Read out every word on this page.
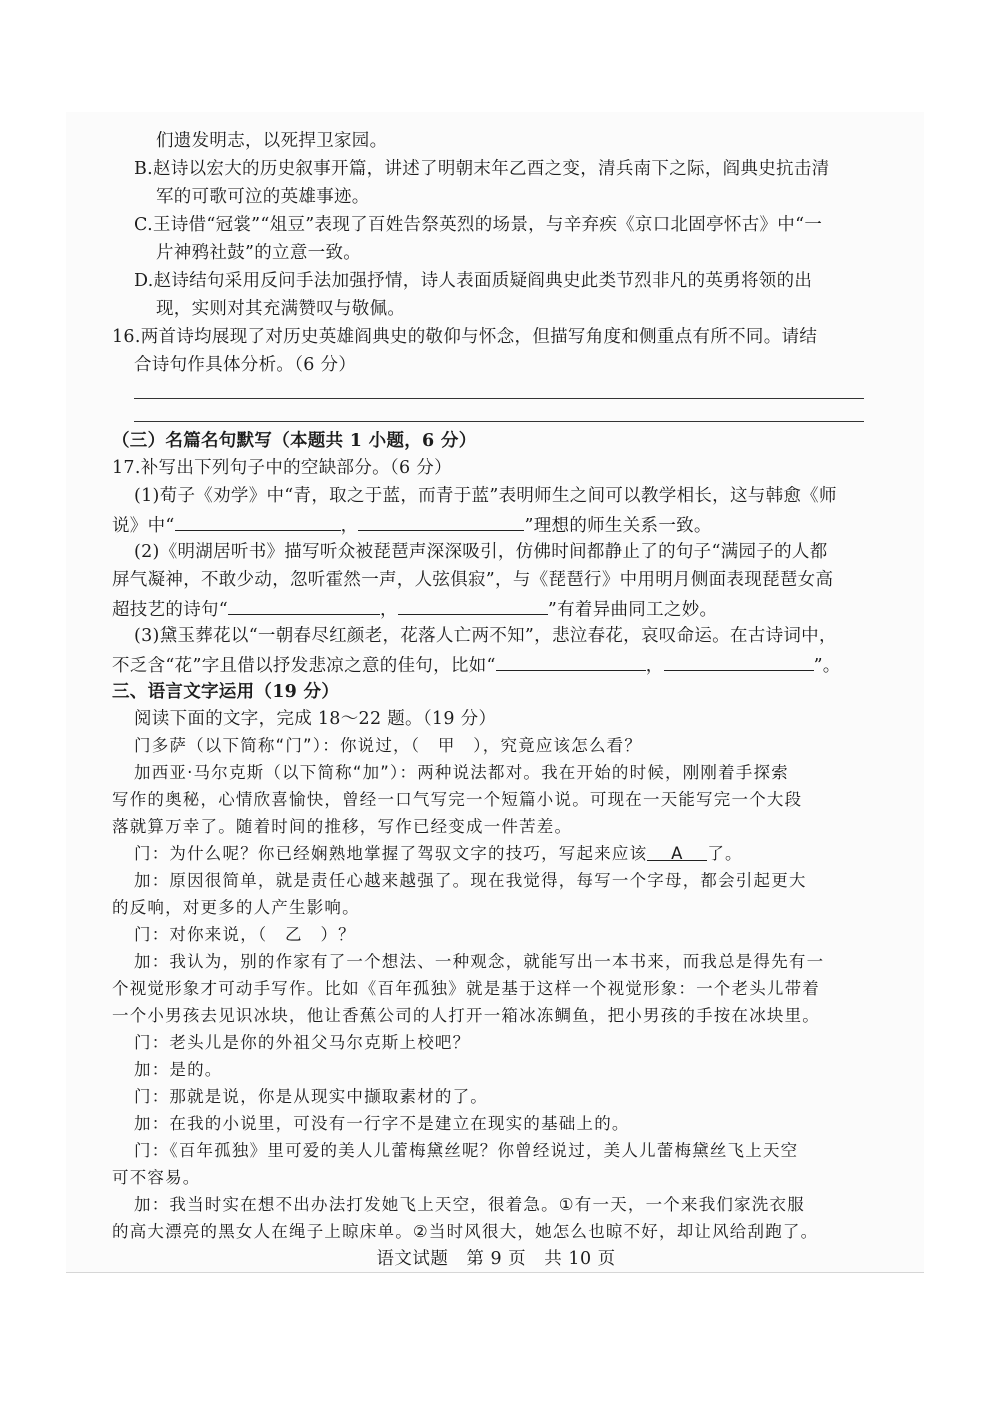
们遗发明志，以死捍卫家园。
B.赵诗以宏大的历史叙事开篇，讲述了明朝末年乙酉之变，清兵南下之际，阎典史抗击清
军的可歌可泣的英雄事迹。
C.王诗借“冠裳”“俎豆”表现了百姓告祭英烈的场景，与辛弃疾《京口北固亭怀古》中“一
片神鸦社鼓”的立意一致。
D.赵诗结句采用反问手法加强抒情，诗人表面质疑阎典史此类节烈非凡的英勇将领的出
现，实则对其充满赞叹与敬佩。
16.两首诗均展现了对历史英雄阎典史的敬仰与怀念，但描写角度和侧重点有所不同。请结
合诗句作具体分析。（6 分）
（三）名篇名句默写（本题共 1 小题，6 分）
17.补写出下列句子中的空缺部分。（6 分）
(1)荀子《劝学》中“青，取之于蓝，而青于蓝”表明师生之间可以教学相长，这与韩愈《师
说》中“	，	”理想的师生关系一致。
(2)《明湖居听书》描写听众被琵琶声深深吸引，仿佛时间都静止了的句子“满园子的人都
屏气凝神，不敢少动，忽听霍然一声，人弦俱寂”，与《琵琶行》中用明月侧面表现琵琶女高
超技艺的诗句“	，	”有着异曲同工之妙。
(3)黛玉葬花以“一朝春尽红颜老，花落人亡两不知”，悲泣春花，哀叹命运。在古诗词中，
不乏含“花”字且借以抒发悲凉之意的佳句，比如“	，	”。
三、语言文字运用（19 分）
阅读下面的文字，完成 18～22 题。（19 分）
门多萨（以下简称“门”）：你说过，（　甲　），究竟应该怎么看？
加西亚·马尔克斯（以下简称“加”）：两种说法都对。我在开始的时候，刚刚着手探索
写作的奥秘，心情欣喜愉快，曾经一口气写完一个短篇小说。可现在一天能写完一个大段
落就算万幸了。随着时间的推移，写作已经变成一件苦差。
门：为什么呢？你已经娴熟地掌握了驾驭文字的技巧，写起来应该 A 了。
加：原因很简单，就是责任心越来越强了。现在我觉得，每写一个字母，都会引起更大
的反响，对更多的人产生影响。
门：对你来说，（　乙　）？
加：我认为，别的作家有了一个想法、一种观念，就能写出一本书来，而我总是得先有一
个视觉形象才可动手写作。比如《百年孤独》就是基于这样一个视觉形象：一个老头儿带着
一个小男孩去见识冰块，他让香蕉公司的人打开一箱冰冻鲷鱼，把小男孩的手按在冰块里。
门：老头儿是你的外祖父马尔克斯上校吧？
加：是的。
门：那就是说，你是从现实中撷取素材的了。
加：在我的小说里，可没有一行字不是建立在现实的基础上的。
门：《百年孤独》里可爱的美人儿蕾梅黛丝呢？你曾经说过，美人儿蕾梅黛丝飞上天空
可不容易。
加：我当时实在想不出办法打发她飞上天空，很着急。①有一天，一个来我们家洗衣服
的高大漂亮的黑女人在绳子上晾床单。②当时风很大，她怎么也晾不好，却让风给刮跑了。
语文试题 第 9 页 共 10 页
